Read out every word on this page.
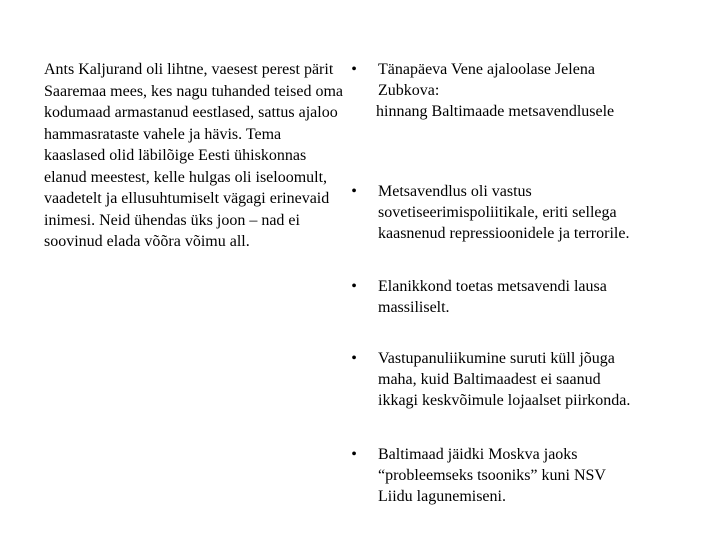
Ants Kaljurand oli lihtne, vaesest perest pärit Saaremaa mees, kes nagu tuhanded teised oma kodumaad armastanud eestlased, sattus ajaloo hammasrataste vahele ja hävis. Tema kaaslased olid läbilõige Eesti ühiskonnas elanud meestest, kelle hulgas oli iseloomult, vaadetelt ja ellusuhtumiselt vägagi erinevaid inimesi. Neid ühendas üks joon – nad ei soovinud elada võõra võimu all.

•	Tänapäeva Vene ajaloolase Jelena
Zubkova:
hinnang Baltimaade metsavendlusele
•	Metsavendlus oli vastus
sovetiseerimispoliitikale, eriti sellega
kaasnenud repressioonidele ja terrorile.
•	Elanikkond toetas metsavendi lausa
massiliselt.
•	Vastupanuliikumine suruti küll jõuga
maha, kuid Baltimaadest ei saanud
ikkagi keskvõimule lojaalset piirkonda.
•	Baltimaad jäidki Moskva jaoks
“probleemseks tsooniks” kuni NSV
Liidu lagunemiseni.
